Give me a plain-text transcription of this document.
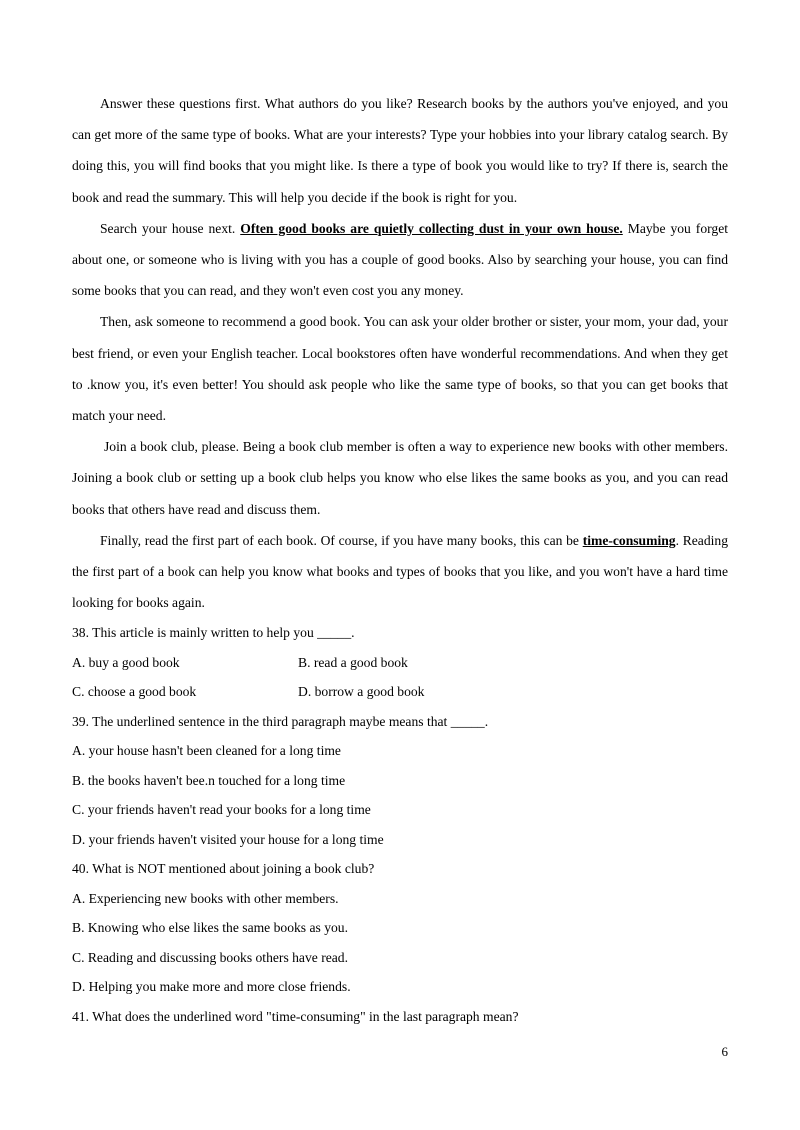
Answer these questions first. What authors do you like? Research books by the authors you've enjoyed, and you can get more of the same type of books. What are your interests? Type your hobbies into your library catalog search. By doing this, you will find books that you might like. Is there a type of book you would like to try? If there is, search the book and read the summary. This will help you decide if the book is right for you.

Search your house next. Often good books are quietly collecting dust in your own house. Maybe you forget about one, or someone who is living with you has a couple of good books. Also by searching your house, you can find some books that you can read, and they won't even cost you any money.

Then, ask someone to recommend a good book. You can ask your older brother or sister, your mom, your dad, your best friend, or even your English teacher. Local bookstores often have wonderful recommendations. And when they get to .know you, it's even better! You should ask people who like the same type of books, so that you can get books that match your need.

Join a book club, please. Being a book club member is often a way to experience new books with other members. Joining a book club or setting up a book club helps you know who else likes the same books as you, and you can read books that others have read and discuss them.

Finally, read the first part of each book. Of course, if you have many books, this can be time-consuming. Reading the first part of a book can help you know what books and types of books that you like, and you won't have a hard time looking for books again.

38. This article is mainly written to help you _____.

A. buy a good book	B. read a good book
C. choose a good book	D. borrow a good book

39. The underlined sentence in the third paragraph maybe means that _____.

A. your house hasn't been cleaned for a long time

B. the books haven't bee.n touched for a long time

C. your friends haven't read your books for a long time

D. your friends haven't visited your house for a long time

40. What is NOT mentioned about joining a book club?

A. Experiencing new books with other members.

B. Knowing who else likes the same books as you.

C. Reading and discussing books others have read.

D. Helping you make more and more close friends.

41. What does the underlined word "time-consuming" in the last paragraph mean?

6
